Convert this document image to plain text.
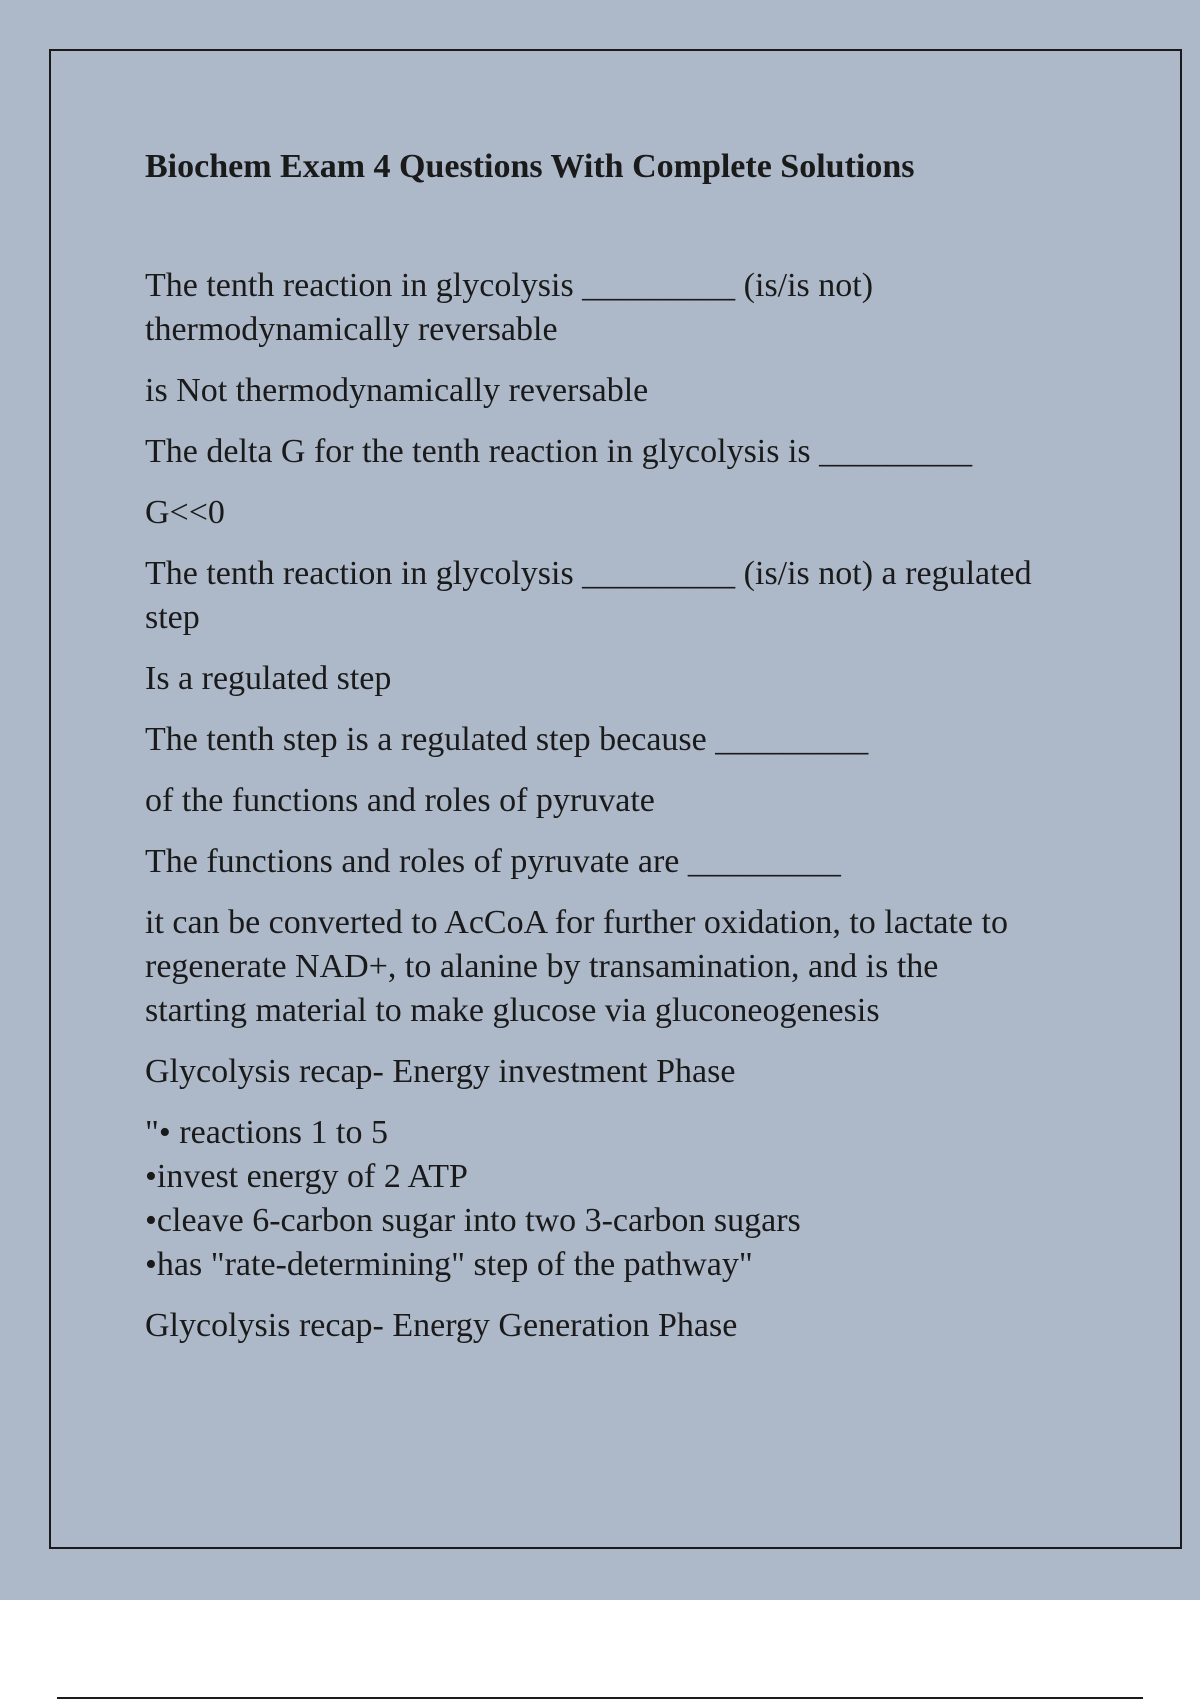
Biochem Exam 4 Questions With Complete Solutions
The tenth reaction in glycolysis _________ (is/is not)
thermodynamically reversable
is Not thermodynamically reversable
The delta G for the tenth reaction in glycolysis is _________
G<<0
The tenth reaction in glycolysis _________ (is/is not) a regulated
step
Is a regulated step
The tenth step is a regulated step because _________
of the functions and roles of pyruvate
The functions and roles of pyruvate are _________
it can be converted to AcCoA for further oxidation, to lactate to
regenerate NAD+, to alanine by transamination, and is the
starting material to make glucose via gluconeogenesis
Glycolysis recap- Energy investment Phase
"• reactions 1 to 5
•invest energy of 2 ATP
•cleave 6-carbon sugar into two 3-carbon sugars
•has "rate-determining" step of the pathway"
Glycolysis recap- Energy Generation Phase
